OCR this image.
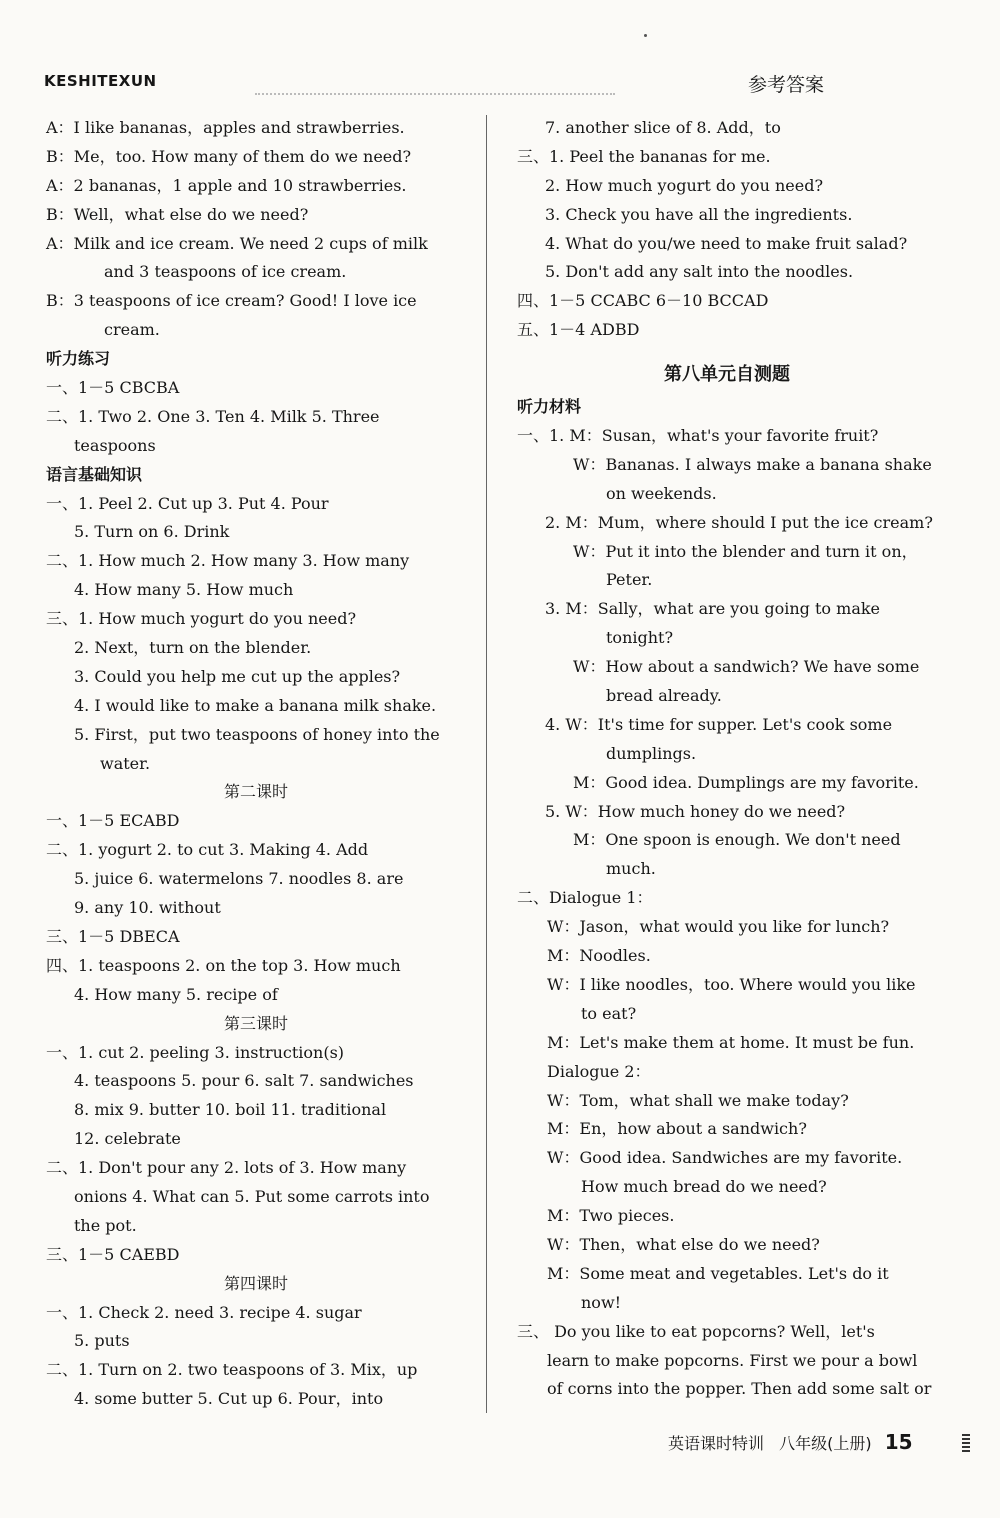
KESHITEXUN	参考答案
A：I like bananas，apples and strawberries.
B：Me，too. How many of them do we need?
A：2 bananas，1 apple and 10 strawberries.
B：Well，what else do we need?
A：Milk and ice cream. We need 2 cups of milk
and 3 teaspoons of ice cream.
B：3 teaspoons of ice cream? Good! I love ice
cream.
听力练习
一、1－5 CBCBA
二、1. Two 2. One 3. Ten 4. Milk 5. Three
teaspoons
语言基础知识
一、1. Peel 2. Cut up 3. Put 4. Pour
5. Turn on 6. Drink
二、1. How much 2. How many 3. How many
4. How many 5. How much
三、1. How much yogurt do you need?
2. Next，turn on the blender.
3. Could you help me cut up the apples?
4. I would like to make a banana milk shake.
5. First，put two teaspoons of honey into the
water.
第二课时
一、1－5 ECABD
二、1. yogurt 2. to cut 3. Making 4. Add
5. juice 6. watermelons 7. noodles 8. are
9. any 10. without
三、1－5 DBECA
四、1. teaspoons 2. on the top 3. How much
4. How many 5. recipe of
第三课时
一、1. cut 2. peeling 3. instruction(s)
4. teaspoons 5. pour 6. salt 7. sandwiches
8. mix 9. butter 10. boil 11. traditional
12. celebrate
二、1. Don't pour any 2. lots of 3. How many
onions 4. What can 5. Put some carrots into
the pot.
三、1－5 CAEBD
第四课时
一、1. Check 2. need 3. recipe 4. sugar
5. puts
二、1. Turn on 2. two teaspoons of 3. Mix，up
4. some butter 5. Cut up 6. Pour，into
7. another slice of 8. Add，to
三、1. Peel the bananas for me.
2. How much yogurt do you need?
3. Check you have all the ingredients.
4. What do you/we need to make fruit salad?
5. Don't add any salt into the noodles.
四、1－5 CCABC 6－10 BCCAD
五、1－4 ADBD
第八单元自测题
听力材料
一、1. M：Susan，what's your favorite fruit?
W：Bananas. I always make a banana shake
on weekends.
2. M：Mum，where should I put the ice cream?
W：Put it into the blender and turn it on，
Peter.
3. M：Sally，what are you going to make
tonight?
W：How about a sandwich? We have some
bread already.
4. W：It's time for supper. Let's cook some
dumplings.
M：Good idea. Dumplings are my favorite.
5. W：How much honey do we need?
M：One spoon is enough. We don't need
much.
二、Dialogue 1：
W：Jason，what would you like for lunch?
M：Noodles.
W：I like noodles，too. Where would you like
to eat?
M：Let's make them at home. It must be fun.
Dialogue 2：
W：Tom，what shall we make today?
M：En，how about a sandwich?
W：Good idea. Sandwiches are my favorite.
How much bread do we need?
M：Two pieces.
W：Then，what else do we need?
M：Some meat and vegetables. Let's do it
now!
三、 Do you like to eat popcorns? Well，let's
learn to make popcorns. First we pour a bowl
of corns into the popper. Then add some salt or
英语课时特训 八年级(上册) 15
